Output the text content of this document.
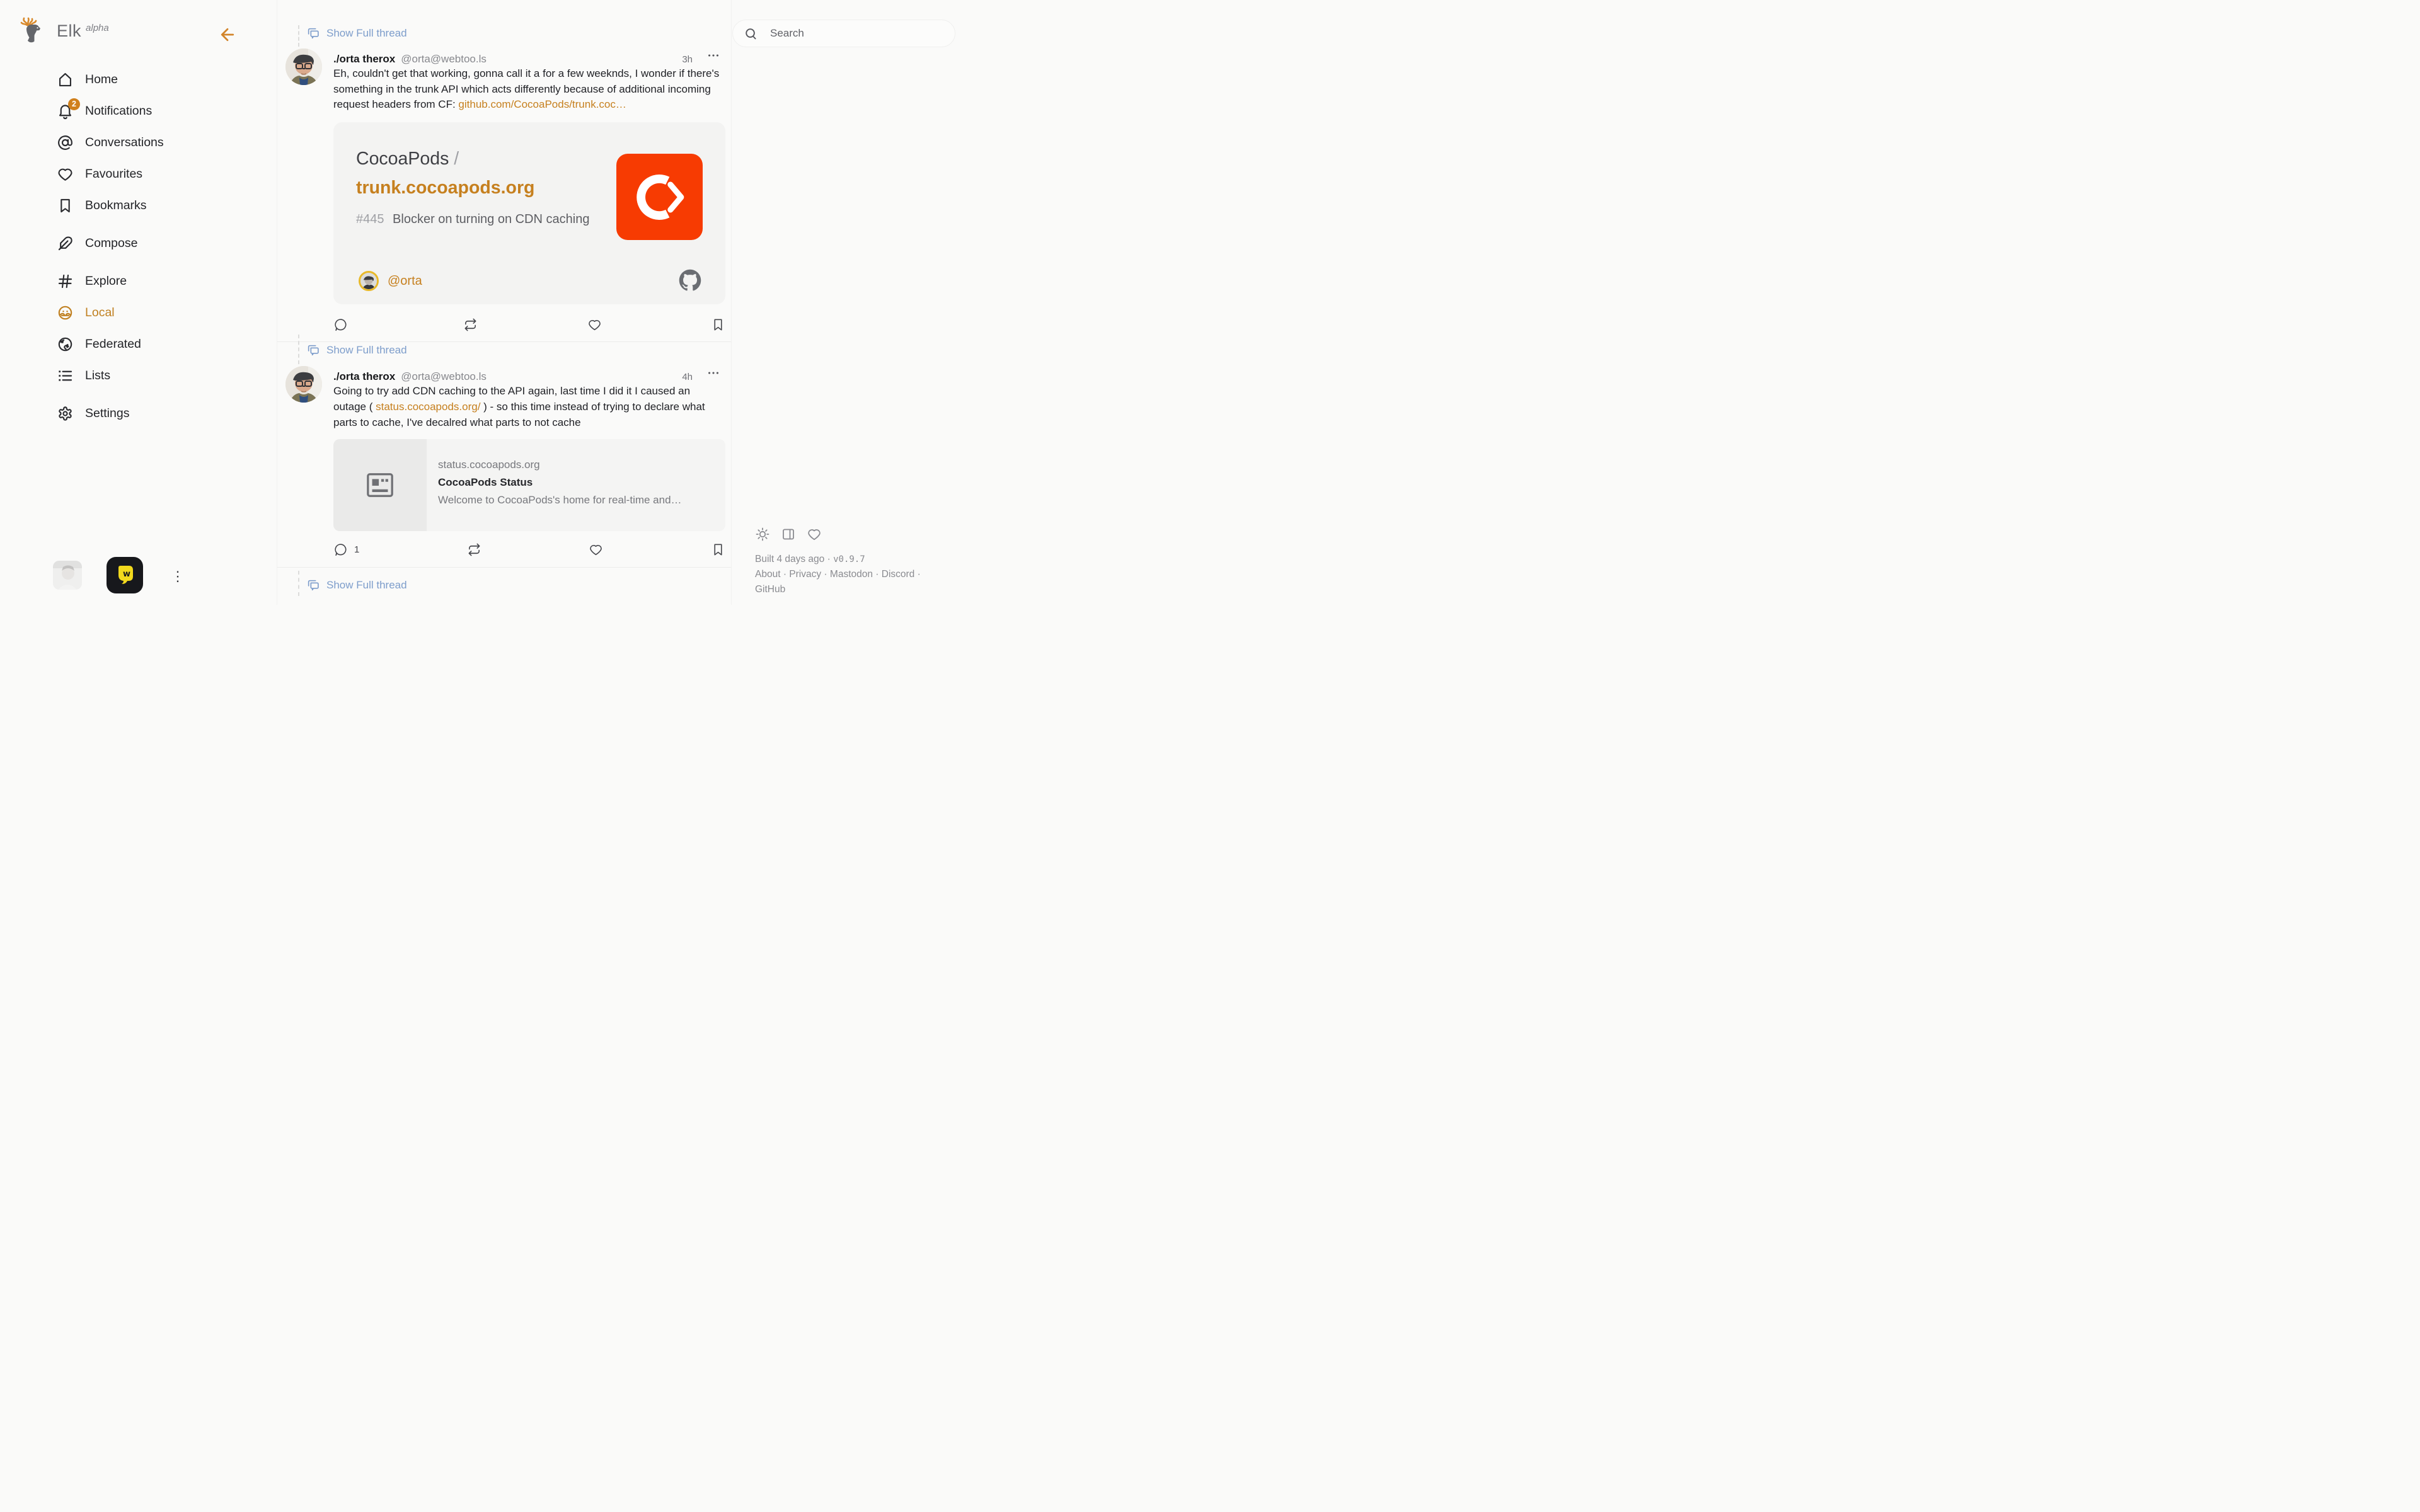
Elk alpha
Home
2 Notifications
Conversations
Favourites
Bookmarks
Compose
Explore
Local
Federated
Lists
Settings
w	⋮
Show Full thread
./orta therox @orta@webtoo.ls	3h
Eh, couldn't get that working, gonna call it a for a few weeknds, I wonder if there's something in the trunk API which acts differently because of additional incoming request headers from CF: github.com/CocoaPods/trunk.coc…
CocoaPods /
trunk.cocoapods.org
#445 Blocker on turning on CDN caching
@orta
Show Full thread
./orta therox @orta@webtoo.ls	4h
Going to try add CDN caching to the API again, last time I did it I caused an outage ( status.cocoapods.org/ ) - so this time instead of trying to declare what parts to cache, I've decalred what parts to not cache
status.cocoapods.org
CocoaPods Status
Welcome to CocoaPods's home for real-time and…
1
Show Full thread
Search
Built 4 days ago · v0.9.7
About · Privacy · Mastodon · Discord · GitHub
